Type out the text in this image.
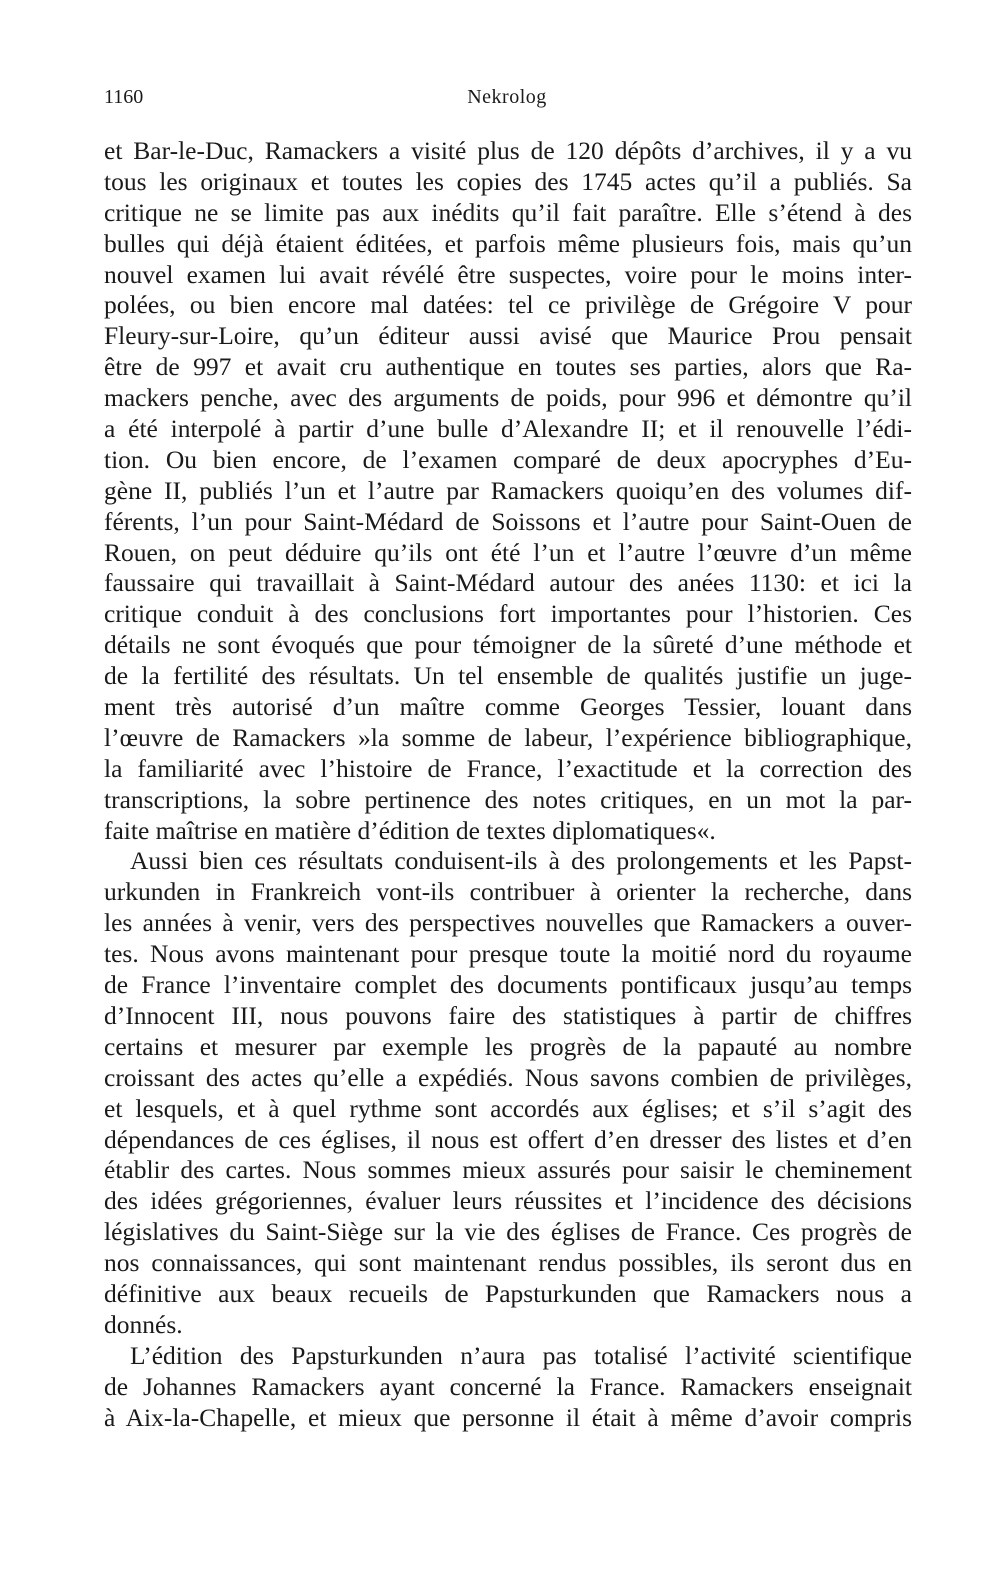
1160	Nekrolog
et Bar-le-Duc, Ramackers a visité plus de 120 dépôts d’archives, il y a vu
tous les originaux et toutes les copies des 1745 actes qu’il a publiés. Sa
critique ne se limite pas aux inédits qu’il fait paraître. Elle s’étend à des
bulles qui déjà étaient éditées, et parfois même plusieurs fois, mais qu’un
nouvel examen lui avait révélé être suspectes, voire pour le moins inter-
polées, ou bien encore mal datées: tel ce privilège de Grégoire V pour
Fleury-sur-Loire, qu’un éditeur aussi avisé que Maurice Prou pensait
être de 997 et avait cru authentique en toutes ses parties, alors que Ra-
mackers penche, avec des arguments de poids, pour 996 et démontre qu’il
a été interpolé à partir d’une bulle d’Alexandre II; et il renouvelle l’édi-
tion. Ou bien encore, de l’examen comparé de deux apocryphes d’Eu-
gène II, publiés l’un et l’autre par Ramackers quoiqu’en des volumes dif-
férents, l’un pour Saint-Médard de Soissons et l’autre pour Saint-Ouen de
Rouen, on peut déduire qu’ils ont été l’un et l’autre l’œuvre d’un même
faussaire qui travaillait à Saint-Médard autour des anées 1130: et ici la
critique conduit à des conclusions fort importantes pour l’historien. Ces
détails ne sont évoqués que pour témoigner de la sûreté d’une méthode et
de la fertilité des résultats. Un tel ensemble de qualités justifie un juge-
ment très autorisé d’un maître comme Georges Tessier, louant dans
l’œuvre de Ramackers »la somme de labeur, l’expérience bibliographique,
la familiarité avec l’histoire de France, l’exactitude et la correction des
transcriptions, la sobre pertinence des notes critiques, en un mot la par-
faite maîtrise en matière d’édition de textes diplomatiques«.
Aussi bien ces résultats conduisent-ils à des prolongements et les Papst-
urkunden in Frankreich vont-ils contribuer à orienter la recherche, dans
les années à venir, vers des perspectives nouvelles que Ramackers a ouver-
tes. Nous avons maintenant pour presque toute la moitié nord du royaume
de France l’inventaire complet des documents pontificaux jusqu’au temps
d’Innocent III, nous pouvons faire des statistiques à partir de chiffres
certains et mesurer par exemple les progrès de la papauté au nombre
croissant des actes qu’elle a expédiés. Nous savons combien de privilèges,
et lesquels, et à quel rythme sont accordés aux églises; et s’il s’agit des
dépendances de ces églises, il nous est offert d’en dresser des listes et d’en
établir des cartes. Nous sommes mieux assurés pour saisir le cheminement
des idées grégoriennes, évaluer leurs réussites et l’incidence des décisions
législatives du Saint-Siège sur la vie des églises de France. Ces progrès de
nos connaissances, qui sont maintenant rendus possibles, ils seront dus en
définitive aux beaux recueils de Papsturkunden que Ramackers nous a
donnés.
L’édition des Papsturkunden n’aura pas totalisé l’activité scientifique
de Johannes Ramackers ayant concerné la France. Ramackers enseignait
à Aix-la-Chapelle, et mieux que personne il était à même d’avoir compris
